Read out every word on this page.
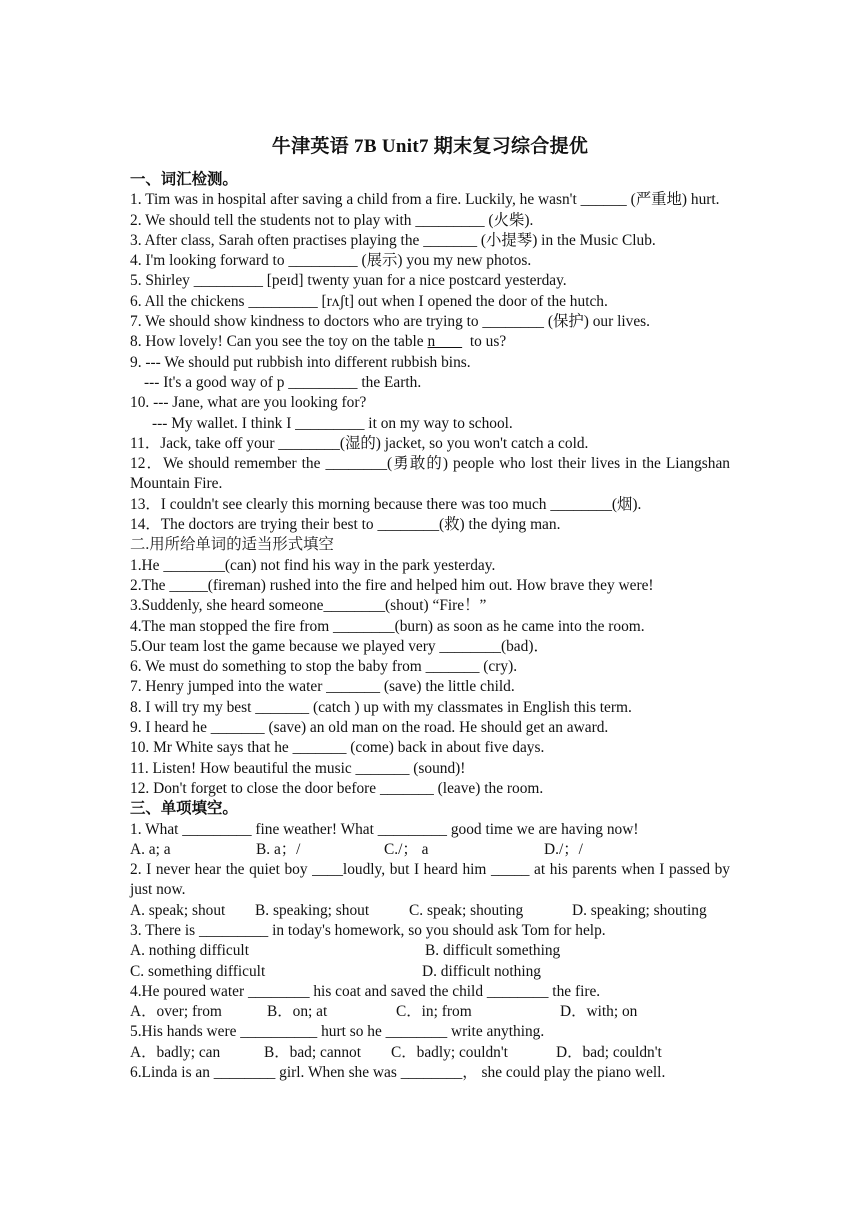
牛津英语 7B Unit7 期末复习综合提优

一、词汇检测。

1. Tim was in hospital after saving a child from a fire. Luckily, he wasn't ______ (严重地) hurt.

2. We should tell the students not to play with _________ (火柴).

3. After class, Sarah often practises playing the _______ (小提琴) in the Music Club.

4. I'm looking forward to _________ (展示) you my new photos.

5. Shirley _________ [peɪd] twenty yuan for a nice postcard yesterday.

6. All the chickens _________ [rʌʃt] out when I opened the door of the hutch.

7. We should show kindness to doctors who are trying to ________ (保护) our lives.

8. How lovely! Can you see the toy on the table n         to us?

9. --- We should put rubbish into different rubbish bins.

--- It's a good way of p _________ the Earth.

10. --- Jane, what are you looking for?

--- My wallet. I think I _________ it on my way to school.

11．Jack, take off your ________(湿的) jacket, so you won't catch a cold.

12．We should remember the ________(勇敢的) people who lost their lives in the Liangshan Mountain Fire.

13．I couldn't see clearly this morning because there was too much ________(烟).

14．The doctors are trying their best to ________(救) the dying man.

二.用所给单词的适当形式填空

1.He ________(can) not find his way in the park yesterday.

2.The _____(fireman) rushed into the fire and helped him out. How brave they were!

3.Suddenly, she heard someone________(shout) “Fire！”

4.The man stopped the fire from ________(burn) as soon as he came into the room.

5.Our team lost the game because we played very ________(bad)．

6. We must do something to stop the baby from _______ (cry).

7. Henry jumped into the water _______ (save) the little child.

8. I will try my best _______ (catch ) up with my classmates in English this term.

9. I heard he _______ (save) an old man on the road. He should get an award.

10. Mr White says that he _______ (come) back in about five days.

11. Listen! How beautiful the music _______ (sound)!

12. Don't forget to close the door before _______ (leave) the room.

三、单项填空。

1. What _________ fine weather! What _________ good time we are having now!

A. a; a	B. a；/	C./； a	D./；/

2. I never hear the quiet boy ____loudly, but I heard him _____ at his parents when I passed by just now.

A. speak; shout	B. speaking; shout	C. speak; shouting	D. speaking; shouting

3. There is _________ in today's homework, so you should ask Tom for help.

A. nothing difficult	B. difficult something
C. something difficult	D. difficult nothing

4.He poured water ________ his coat and saved the child ________ the fire.

A．over; from	B．on; at	C．in; from	D．with; on

5.His hands were __________ hurt so he ________ write anything.

A．badly; can	B．bad; cannot	C．badly; couldn't	D．bad; couldn't

6.Linda is an ________ girl. When she was ________， she could play the piano well.
